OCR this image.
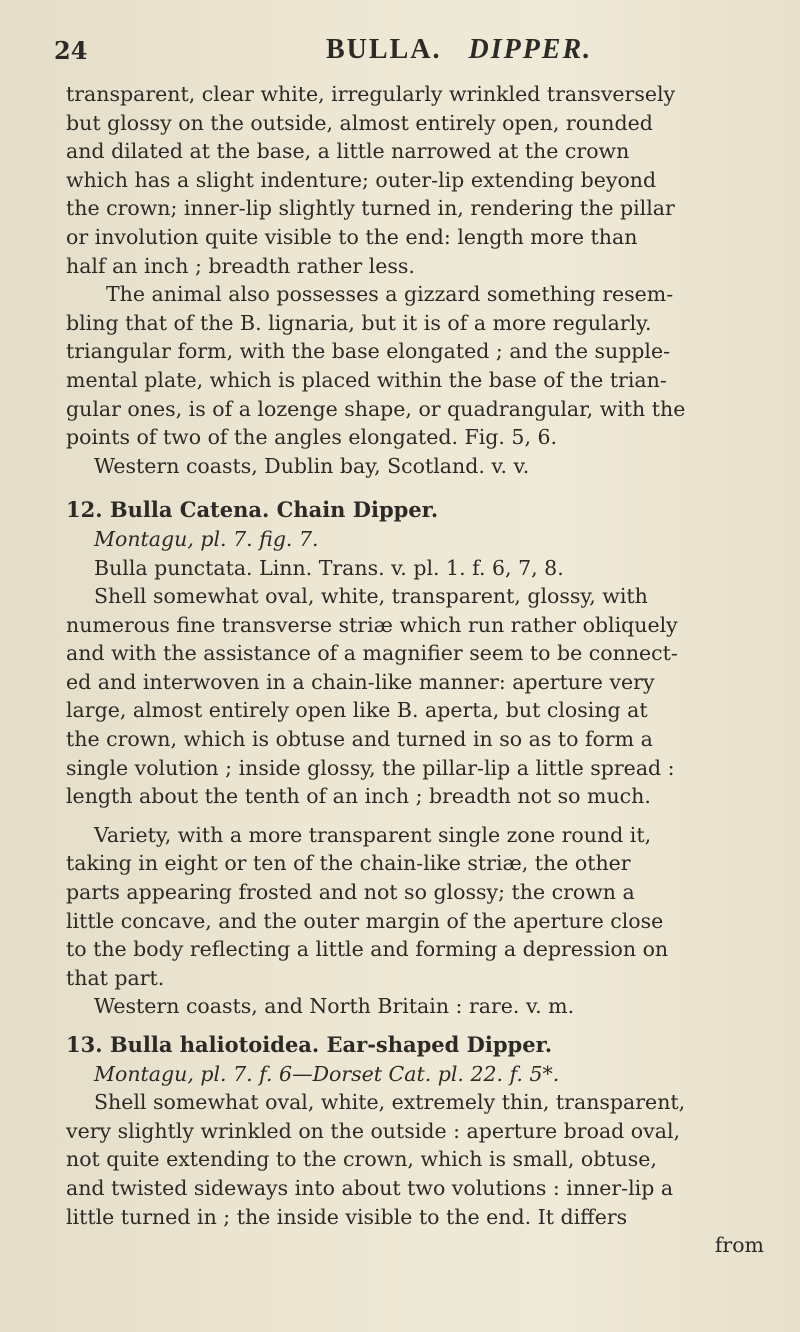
24	BULLA. DIPPER.
transparent, clear white, irregularly wrinkled transversely
but glossy on the outside, almost entirely open, rounded
and dilated at the base, a little narrowed at the crown
which has a slight indenture; outer-lip extending beyond
the crown; inner-lip slightly turned in, rendering the pillar
or involution quite visible to the end: length more than
half an inch ; breadth rather less.
The animal also possesses a gizzard something resem-
bling that of the B. lignaria, but it is of a more regularly.
triangular form, with the base elongated ; and the supple-
mental plate, which is placed within the base of the trian-
gular ones, is of a lozenge shape, or quadrangular, with the
points of two of the angles elongated. Fig. 5, 6.
Western coasts, Dublin bay, Scotland. v. v.
12. Bulla Catena. Chain Dipper.
Montagu, pl. 7. fig. 7.
Bulla punctata. Linn. Trans. v. pl. 1. f. 6, 7, 8.
Shell somewhat oval, white, transparent, glossy, with
numerous fine transverse striæ which run rather obliquely
and with the assistance of a magnifier seem to be connect-
ed and interwoven in a chain-like manner: aperture very
large, almost entirely open like B. aperta, but closing at
the crown, which is obtuse and turned in so as to form a
single volution ; inside glossy, the pillar-lip a little spread :
length about the tenth of an inch ; breadth not so much.
Variety, with a more transparent single zone round it,
taking in eight or ten of the chain-like striæ, the other
parts appearing frosted and not so glossy; the crown a
little concave, and the outer margin of the aperture close
to the body reflecting a little and forming a depression on
that part.
Western coasts, and North Britain : rare. v. m.
13. Bulla haliotoidea. Ear-shaped Dipper.
Montagu, pl. 7. f. 6—Dorset Cat. pl. 22. f. 5*.
Shell somewhat oval, white, extremely thin, transparent,
very slightly wrinkled on the outside : aperture broad oval,
not quite extending to the crown, which is small, obtuse,
and twisted sideways into about two volutions : inner-lip a
little turned in ; the inside visible to the end. It differs
from
